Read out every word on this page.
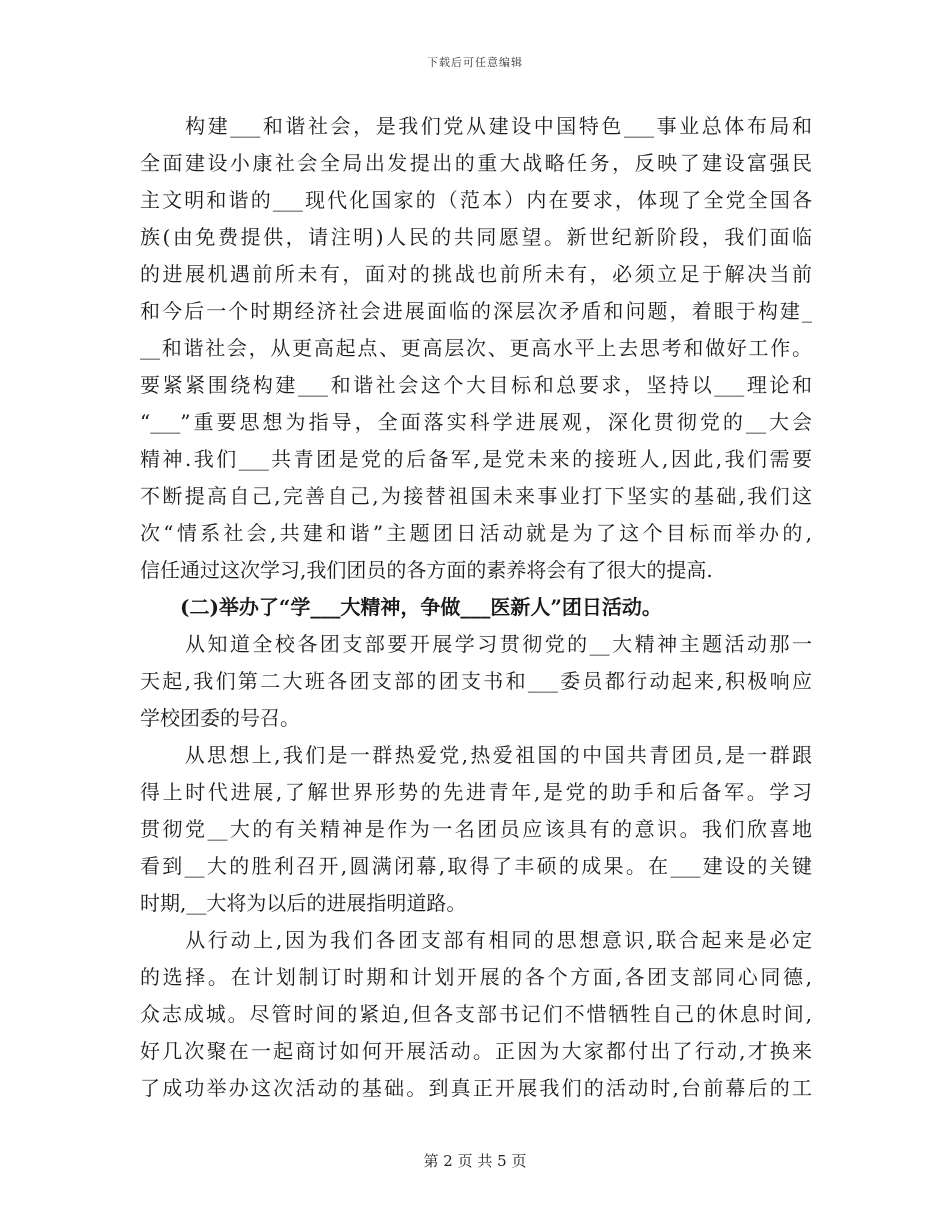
下载后可任意编辑
　　构建___和谐社会，是我们党从建设中国特色___事业总体布局和
全面建设小康社会全局出发提出的重大战略任务，反映了建设富强民
主文明和谐的___现代化国家的（范本）内在要求，体现了全党全国各
族(由免费提供，请注明)人民的共同愿望。新世纪新阶段，我们面临
的进展机遇前所未有，面对的挑战也前所未有，必须立足于解决当前
和今后一个时期经济社会进展面临的深层次矛盾和问题，着眼于构建_
__和谐社会，从更高起点、更高层次、更高水平上去思考和做好工作。
要紧紧围绕构建___和谐社会这个大目标和总要求，坚持以___理论和
“___”重要思想为指导，全面落实科学进展观，深化贯彻党的__大会
精神.我们___共青团是党的后备军,是党未来的接班人,因此,我们需要
不断提高自己,完善自己,为接替祖国未来事业打下坚实的基础,我们这
次“情系社会,共建和谐”主题团日活动就是为了这个目标而举办的,
信任通过这次学习,我们团员的各方面的素养将会有了很大的提高.
　　(二)举办了“学___大精神，争做___医新人”团日活动。
　　从知道全校各团支部要开展学习贯彻党的__大精神主题活动那一
天起,我们第二大班各团支部的团支书和___委员都行动起来,积极响应
学校团委的号召。
　　从思想上,我们是一群热爱党,热爱祖国的中国共青团员,是一群跟
得上时代进展,了解世界形势的先进青年,是党的助手和后备军。学习
贯彻党__大的有关精神是作为一名团员应该具有的意识。我们欣喜地
看到__大的胜利召开,圆满闭幕,取得了丰硕的成果。在___建设的关键
时期,__大将为以后的进展指明道路。
　　从行动上,因为我们各团支部有相同的思想意识,联合起来是必定
的选择。在计划制订时期和计划开展的各个方面,各团支部同心同德,
众志成城。尽管时间的紧迫,但各支部书记们不惜牺牲自己的休息时间,
好几次聚在一起商讨如何开展活动。正因为大家都付出了行动,才换来
了成功举办这次活动的基础。到真正开展我们的活动时,台前幕后的工
第 2 页 共 5 页
